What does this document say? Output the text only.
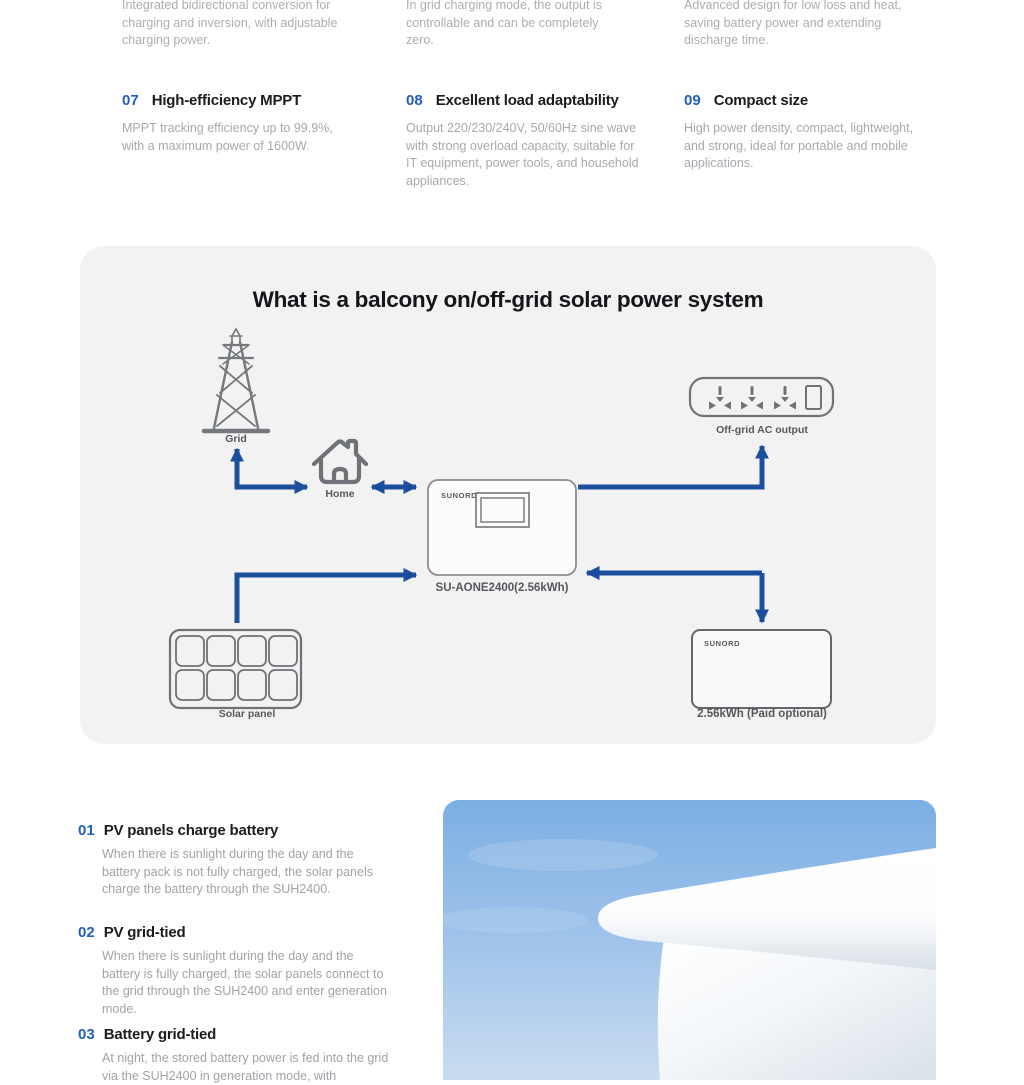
Integrated bidirectional conversion for charging and inversion, with adjustable charging power.
In grid charging mode, the output is controllable and can be completely zero.
Advanced design for low loss and heat, saving battery power and extending discharge time.
07 High-efficiency MPPT
MPPT tracking efficiency up to 99.9%, with a maximum power of 1600W.
08 Excellent load adaptability
Output 220/230/240V, 50/60Hz sine wave with strong overload capacity, suitable for IT equipment, power tools, and household appliances.
09 Compact size
High power density, compact, lightweight, and strong, ideal for portable and mobile applications.
What is a balcony on/off-grid solar power system
Grid
Home
Off-grid AC output
SUNORD
SU-AONE2400(2.56kWh)
Solar panel
SUNORD
2.56kWh (Paid optional)
01 PV panels charge battery
When there is sunlight during the day and the battery pack is not fully charged, the solar panels charge the battery through the SUH2400.
02 PV grid-tied
When there is sunlight during the day and the battery is fully charged, the solar panels connect to the grid through the SUH2400 and enter generation mode.
03 Battery grid-tied
At night, the stored battery power is fed into the grid via the SUH2400 in generation mode, with
